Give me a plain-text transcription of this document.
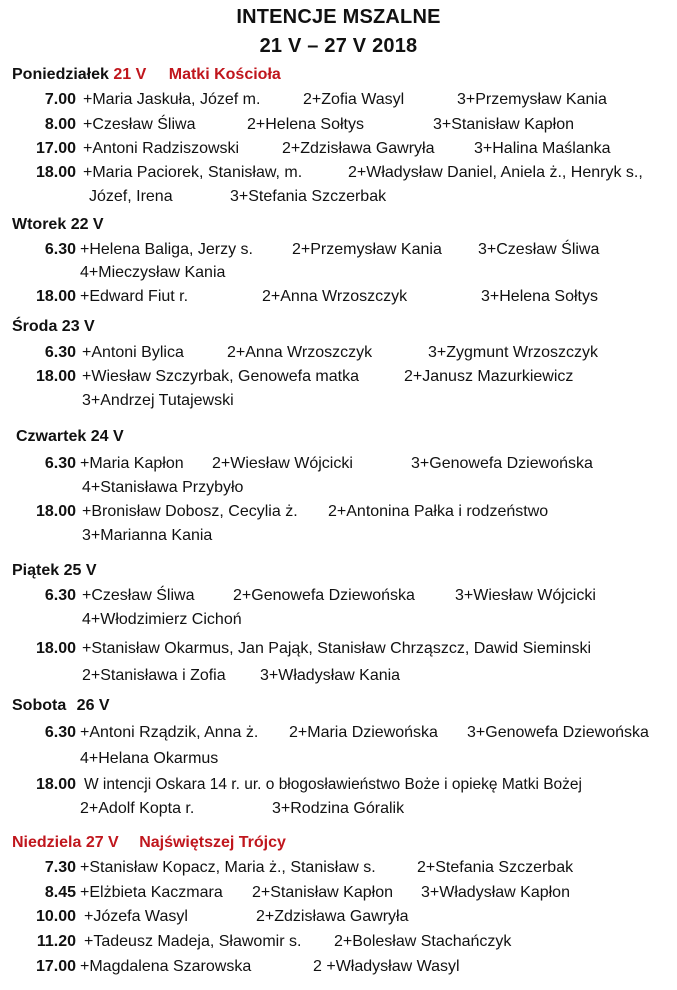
INTENCJE MSZALNE
21 V – 27 V 2018
Poniedziałek 21 V Matki Kościoła
7.00 +Maria Jaskuła, Józef m.	2+Zofia Wasyl	3+Przemysław Kania
8.00 +Czesław Śliwa	2+Helena Sołtys	3+Stanisław Kapłon
17.00 +Antoni Radziszowski	2+Zdzisława Gawryła 3+Halina Maślanka
18.00 +Maria Paciorek, Stanisław, m.	2+Władysław Daniel, Aniela ż., Henryk s.,
Józef, Irena	3+Stefania Szczerbak
Wtorek 22 V
6.30 +Helena Baliga, Jerzy s. 2+Przemysław Kania 3+Czesław Śliwa
4+Mieczysław Kania
18.00 +Edward Fiut r.	2+Anna Wrzoszczyk	3+Helena Sołtys
Środa 23 V
6.30 +Antoni Bylica	2+Anna Wrzoszczyk	3+Zygmunt Wrzoszczyk
18.00 +Wiesław Szczyrbak, Genowefa matka	2+Janusz Mazurkiewicz
3+Andrzej Tutajewski
Czwartek 24 V
6.30 +Maria Kapłon 2+Wiesław Wójcicki	3+Genowefa Dziewońska
4+Stanisława Przybyło
18.00 +Bronisław Dobosz, Cecylia ż. 2+Antonina Pałka i rodzeństwo
3+Marianna Kania
Piątek 25 V
6.30 +Czesław Śliwa 2+Genowefa Dziewońska	3+Wiesław Wójcicki
4+Włodzimierz Cichoń
18.00 +Stanisław Okarmus, Jan Pająk, Stanisław Chrząszcz, Dawid Sieminski
2+Stanisława i Zofia 3+Władysław Kania
Sobota 26 V
6.30 +Antoni Rządzik, Anna ż. 2+Maria Dziewońska 3+Genowefa Dziewońska
4+Helana Okarmus
18.00 W intencji Oskara 14 r. ur. o błogosławieństwo Boże i opiekę Matki Bożej
2+Adolf Kopta r.	3+Rodzina Góralik
Niedziela 27 V Najświętszej Trójcy
7.30 +Stanisław Kopacz, Maria ż., Stanisław s.	2+Stefania Szczerbak
8.45 +Elżbieta Kaczmara 2+Stanisław Kapłon 3+Władysław Kapłon
10.00 +Józefa Wasyl	2+Zdzisława Gawryła
11.20 +Tadeusz Madeja, Sławomir s. 2+Bolesław Stachańczyk
17.00 +Magdalena Szarowska	2 +Władysław Wasyl
